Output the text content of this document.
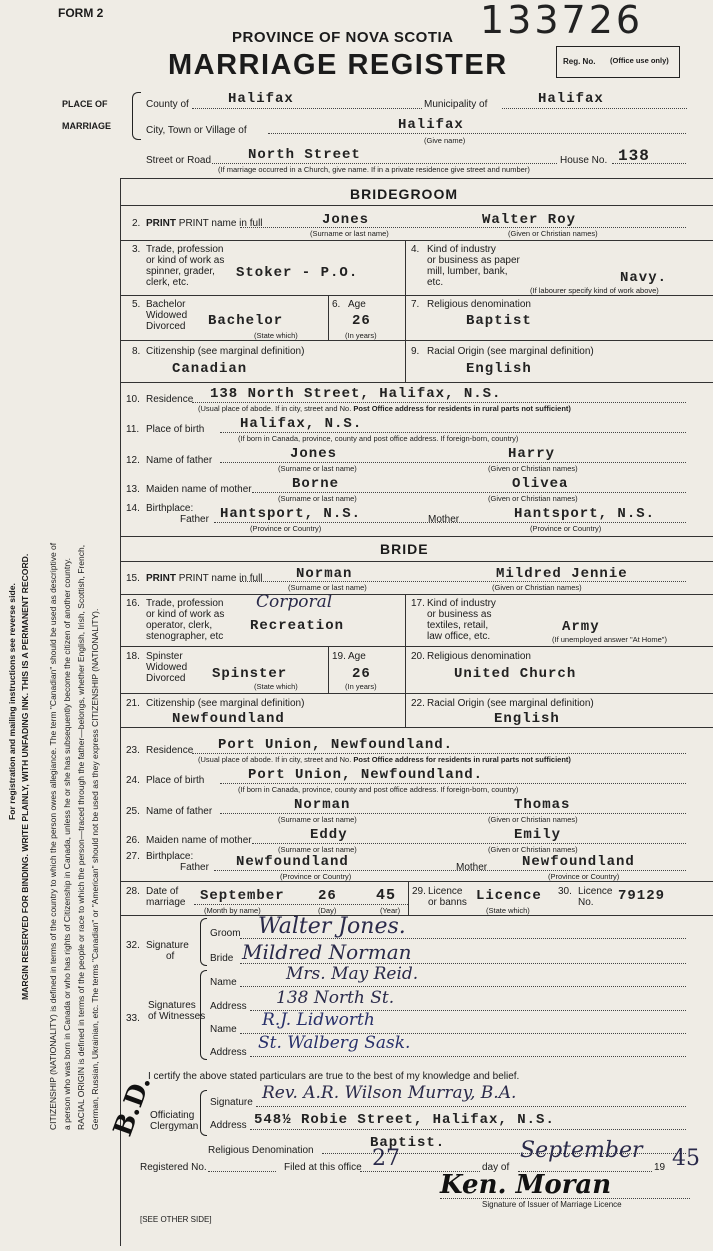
FORM 2
PROVINCE OF NOVA SCOTIA 133726
MARRIAGE REGISTER	Reg. No. (Office use only)
PLACE OF
MARRIAGE
County of	Halifax	Municipality of	Halifax
City, Town or Village of	Halifax
(Give name)
Street or Road	North Street	House No. 138
(If marriage occurred in a Church, give name. If in a private residence give street and number)
BRIDEGROOM
2. PRINT PRINT name in full	Jones	Walter Roy
(Surname or last name)	(Given or Christian names)
3. Trade, profession
or kind of work as
spinner, grader,
clerk, etc.
Stoker - P.O.
4. Kind of industry
or business as paper
mill, lumber, bank,
etc.	Navy.
(If labourer specify kind of work above)
5. Bachelor
Widowed
Divorced Bachelor
(State which)
6. Age
26
(In years)
7. Religious denomination
Baptist
8. Citizenship (see marginal definition)
Canadian
9. Racial Origin (see marginal definition)
English
10. Residence 138 North Street, Halifax, N.S.
(Usual place of abode. If in city, street and No. Post Office address for residents in rural parts not sufficient)
11. Place of birth	Halifax, N.S.
(If born in Canada, province, county and post office address. If foreign-born, country)
12. Name of father	Jones	Harry
(Surname or last name)	(Given or Christian names)
13. Maiden name of mother	Borne	Olivea
(Surname or last name)	(Given or Christian names)
14. Birthplace:
Father Hantsport, N.S.	Mother	Hantsport, N.S.
(Province or Country)	(Province or Country)
BRIDE
15. PRINT PRINT name in full Norman	Mildred Jennie
(Surname or last name)	(Given or Christian names)
16. Trade, profession
or kind of work as
operator, clerk,
stenographer, etc
Corporal
Recreation
17. Kind of industry
or business as
textiles, retail,
law office, etc.
Army
(If unemployed answer "At Home")
18. Spinster
Widowed
Divorced Spinster
(State which)
19. Age
26
(In years)
20. Religious denomination
United Church
21. Citizenship (see marginal definition)
Newfoundland
22. Racial Origin (see marginal definition)
English
23. Residence Port Union, Newfoundland.
(Usual place of abode. If in city, street and No. Post Office address for residents in rural parts not sufficient)
24. Place of birth	Port Union, Newfoundland.
(If born in Canada, province, county and post office address. If foreign-born, country)
25. Name of father	Norman	Thomas
(Surname or last name)	(Given or Christian names)
26. Maiden name of mother	Eddy	Emily
(Surname or last name)	(Given or Christian names)
27. Birthplace:
Father Newfoundland	Mother Newfoundland
(Province or Country)	(Province or Country)
28. Date of
marriage September 26	45
(Month by name)	(Day)	(Year)
29. Licence
or banns Licence
(State which)
30. Licence
No. 79129
32. Signature
of
Groom Walter Jones.
Bride Mildred Norman
33.
Signatures
of Witnesses
Name	Mrs. May Reid.
Address 138 North St.
Name R.J. Lidworth
Address St. Walberg Sask.
I certify the above stated particulars are true to the best of my knowledge and belief.
Officiating
Clergyman
Signature Rev. A.R. Wilson Murray, B.A.
Address 548½ Robie Street, Halifax, N.S.
Religious Denomination	Baptist.
Registered No.	Filed at this office 27	day of
September
19 45
Ken. Moran
Signature of Issuer of Marriage Licence
[SEE OTHER SIDE]
B.D.
For registration and mailing instructions see reverse side. MARGIN RESERVED FOR BINDING. WRITE PLAINLY, WITH UNFADING INK. THIS IS A PERMANENT RECORD. CITIZENSHIP (NATIONALITY) is defined in terms of the country to which the person owes allegiance. The term "Canadian" should be used as descriptive of a person who was born in Canada or who has rights of Citizenship in Canada, unless he or she has subsequently become the citizen of another country. RACIAL ORIGIN is defined in terms of the people or race to which the person—traced through the father—belongs, whether English, Irish, Scottish, French, German, Russian, Ukrainian, etc. The terms "Canadian" or "American" should not be used as they express CITIZENSHIP (NATIONALITY).
